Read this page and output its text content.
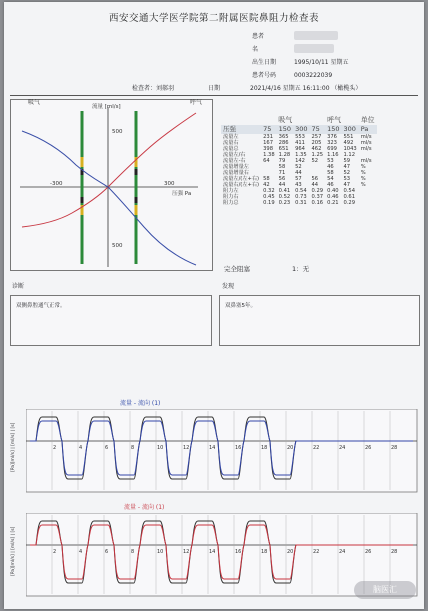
西安交通大学医学院第二附属医院鼻阻力检查表
患者
名
出生日期	1995/10/11 星期五
患者号码	0003222039
检查者：刘郝羽	日期	2021/4/16 星期五 16:11:00 （橄榄头）
吸气
流量 [ml/s]
呼气
500
500
-300	300
压强 Pa
	吸气			呼气			单位
压强	75	150	300	75	150	300	Pa
流量左	231	365	553	257	376	551	ml/s
流量右	167	286	411	205	323	492	ml/s
流量总	398	651	964	462	699	1043	ml/s
流量左/右	1.38	1.28	1.35	1.25	1.16	1.12	
流量左-右	64	79	142	52	53	59	ml/s
流量增量左		58	52		46	47	%
流量增量右		71	44		58	52	%
流量左/(左+右)	58	56	57	56	54	53	%
流量右/(左+右)	42	44	43	44	46	47	%
阻力左	0.32	0.41	0.54	0.29	0.40	0.54	
阻力右	0.45	0.52	0.73	0.37	0.46	0.61	
阻力总	0.19	0.23	0.31	0.16	0.21	0.29	
完全阻塞	1：无
诊断	发现
双侧鼻腔通气正常。	双鼻塞5年。
流量 - 流向 (1)
2	4	6	8	10	12	14	16	18	20	22	24	26	28
[Pa][ml/s] | [ml/s] | [s]
流量 - 流向 (1)
2	4	6	8	10	12	14	16	18	20	22	24	26	28
[Pa][ml/s] | [ml/s] | [s]
脑医汇
